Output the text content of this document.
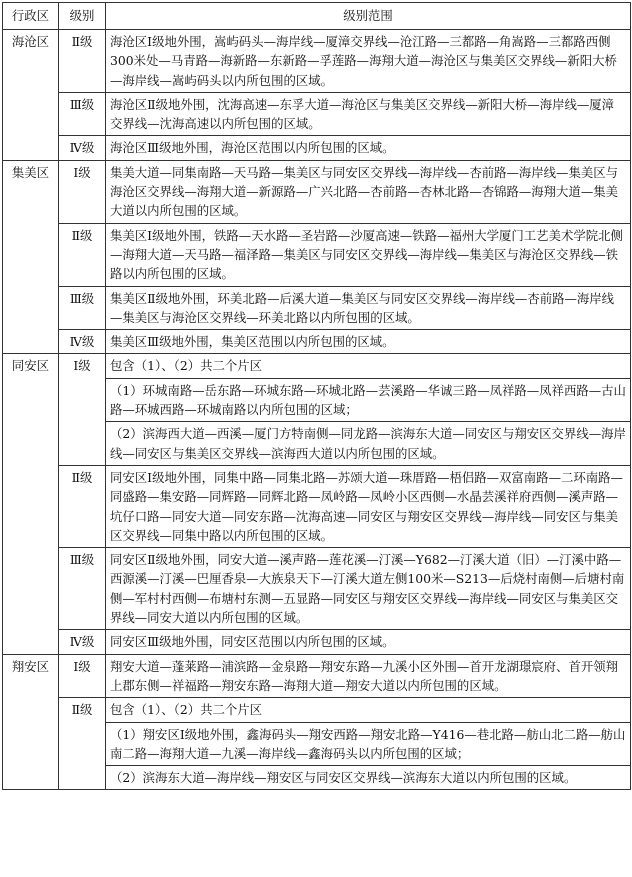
行政区	级别	级别范围
海沧区	Ⅱ级	海沧区Ⅰ级地外围，嵩屿码头—海岸线—厦漳交界线—沧江路—三都路—角嵩路—三都路西侧300米处—马青路—海新路—东新路—孚莲路—海翔大道—海沧区与集美区交界线—新阳大桥—海岸线—嵩屿码头以内所包围的区域。
	Ⅲ级	海沧区Ⅱ级地外围，沈海高速—东孚大道—海沧区与集美区交界线—新阳大桥—海岸线—厦漳交界线—沈海高速以内所包围的区域。
	Ⅳ级	海沧区Ⅲ级地外围，海沧区范围以内所包围的区域。
集美区	Ⅰ级	集美大道—同集南路—天马路—集美区与同安区交界线—海岸线—杏前路—海岸线—集美区与海沧区交界线—海翔大道—新源路—广兴北路—杏前路—杏林北路—杏锦路—海翔大道—集美大道以内所包围的区域。
	Ⅱ级	集美区Ⅰ级地外围，铁路—天水路—圣岩路—沙厦高速—铁路—福州大学厦门工艺美术学院北侧—海翔大道—天马路—福泽路—集美区与同安区交界线—海岸线—集美区与海沧区交界线—铁路以内所包围的区域。
	Ⅲ级	集美区Ⅱ级地外围，环美北路—后溪大道—集美区与同安区交界线—海岸线—杏前路—海岸线—集美区与海沧区交界线—环美北路以内所包围的区域。
	Ⅳ级	集美区Ⅲ级地外围，集美区范围以内所包围的区域。
同安区	Ⅰ级	包含（1）、（2）共二个片区
		（1）环城南路—岳东路—环城东路—环城北路—芸溪路—华诚三路—凤祥路—凤祥西路—古山路—环城西路—环城南路以内所包围的区域；
		（2）滨海西大道—西溪—厦门方特南侧—同龙路—滨海东大道—同安区与翔安区交界线—海岸线—同安区与集美区交界线—滨海西大道以内所包围的区域。
	Ⅱ级	同安区Ⅰ级地外围，同集中路—同集北路—苏颂大道—珠厝路—梧侣路—双富南路—二环南路—同盛路—集安路—同辉路—同辉北路—凤岭路—凤岭小区西侧—水晶芸溪祥府西侧—溪声路—坑仔口路—同安大道—同安东路—沈海高速—同安区与翔安区交界线—海岸线—同安区与集美区交界线—同集中路以内所包围的区域。
	Ⅲ级	同安区Ⅱ级地外围，同安大道—溪声路—莲花溪—汀溪—Y682—汀溪大道（旧）—汀溪中路—西源溪—汀溪—巴厘香泉—大族泉天下—汀溪大道左侧100米—S213—后烧村南侧—后塘村南侧—军村村西侧—布塘村东测—五显路—同安区与翔安区交界线—海岸线—同安区与集美区交界线—同安大道以内所包围的区域。
	Ⅳ级	同安区Ⅲ级地外围，同安区范围以内所包围的区域。
翔安区	Ⅰ级	翔安大道—蓬莱路—浦滨路—金泉路—翔安东路—九溪小区外围—首开龙湖璟宸府、首开领翔上郡东侧—祥福路—翔安东路—海翔大道—翔安大道以内所包围的区域。
	Ⅱ级	包含（1）、（2）共二个片区
		（1）翔安区Ⅰ级地外围，鑫海码头—翔安西路—翔安北路—Y416—巷北路—舫山北二路—舫山南二路—海翔大道—九溪—海岸线—鑫海码头以内所包围的区域；
		（2）滨海东大道—海岸线—翔安区与同安区交界线—滨海东大道以内所包围的区域。
